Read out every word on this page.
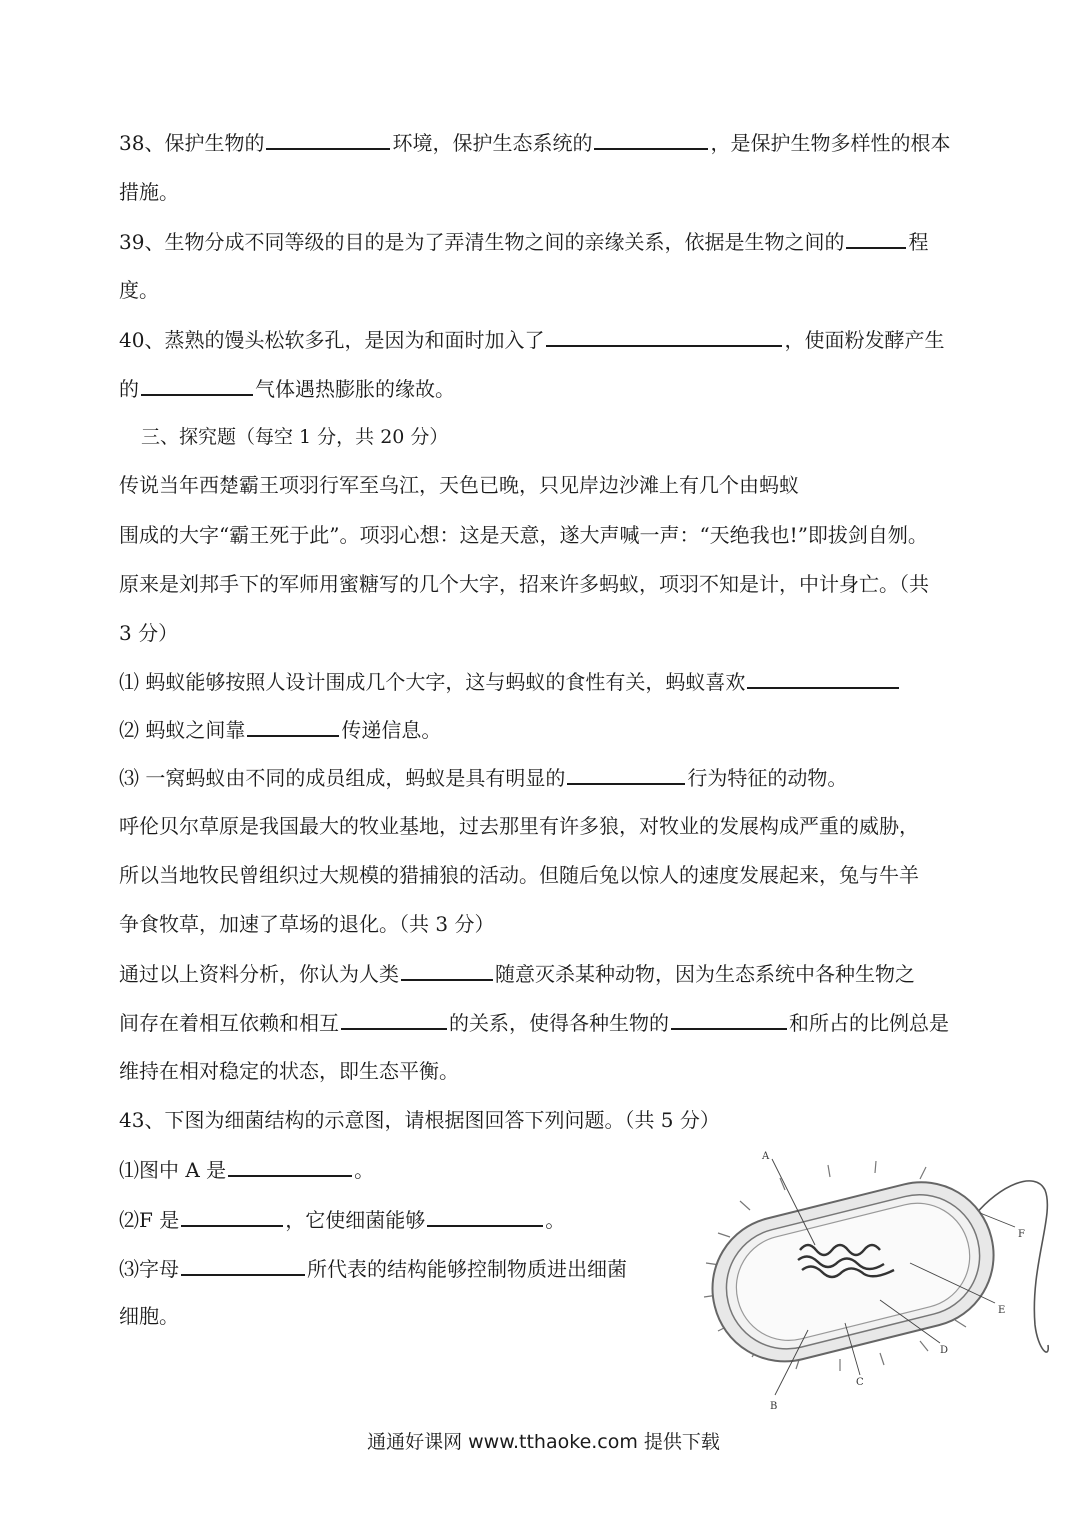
38、保护生物的	环境，保护生态系统的	，是保护生物多样性的根本
措施。
39、生物分成不同等级的目的是为了弄清生物之间的亲缘关系，依据是生物之间的	程
度。
40、蒸熟的馒头松软多孔，是因为和面时加入了	，使面粉发酵产生
的	气体遇热膨胀的缘故。
三、探究题（每空 1 分，共 20 分）
传说当年西楚霸王项羽行军至乌江，天色已晚，只见岸边沙滩上有几个由蚂蚁
围成的大字“霸王死于此”。项羽心想：这是天意，遂大声喊一声：“天绝我也!”即拔剑自刎。
原来是刘邦手下的军师用蜜糖写的几个大字，招来许多蚂蚁，项羽不知是计，中计身亡。（共
3 分）
⑴ 蚂蚁能够按照人设计围成几个大字，这与蚂蚁的食性有关，蚂蚁喜欢
⑵ 蚂蚁之间靠	传递信息。
⑶ 一窝蚂蚁由不同的成员组成，蚂蚁是具有明显的	行为特征的动物。
呼伦贝尔草原是我国最大的牧业基地，过去那里有许多狼，对牧业的发展构成严重的威胁，
所以当地牧民曾组织过大规模的猎捕狼的活动。但随后兔以惊人的速度发展起来，兔与牛羊
争食牧草，加速了草场的退化。（共 3 分）
通过以上资料分析，你认为人类	随意灭杀某种动物，因为生态系统中各种生物之
间存在着相互依赖和相互	的关系，使得各种生物的	和所占的比例总是
维持在相对稳定的状态，即生态平衡。
43、下图为细菌结构的示意图，请根据图回答下列问题。（共 5 分）
⑴图中 A 是	。
⑵F 是	，它使细菌能够	。
⑶字母	所代表的结构能够控制物质进出细菌
细胞。
A
B
C
D
E
F
通通好课网 www.tthaoke.com 提供下载
